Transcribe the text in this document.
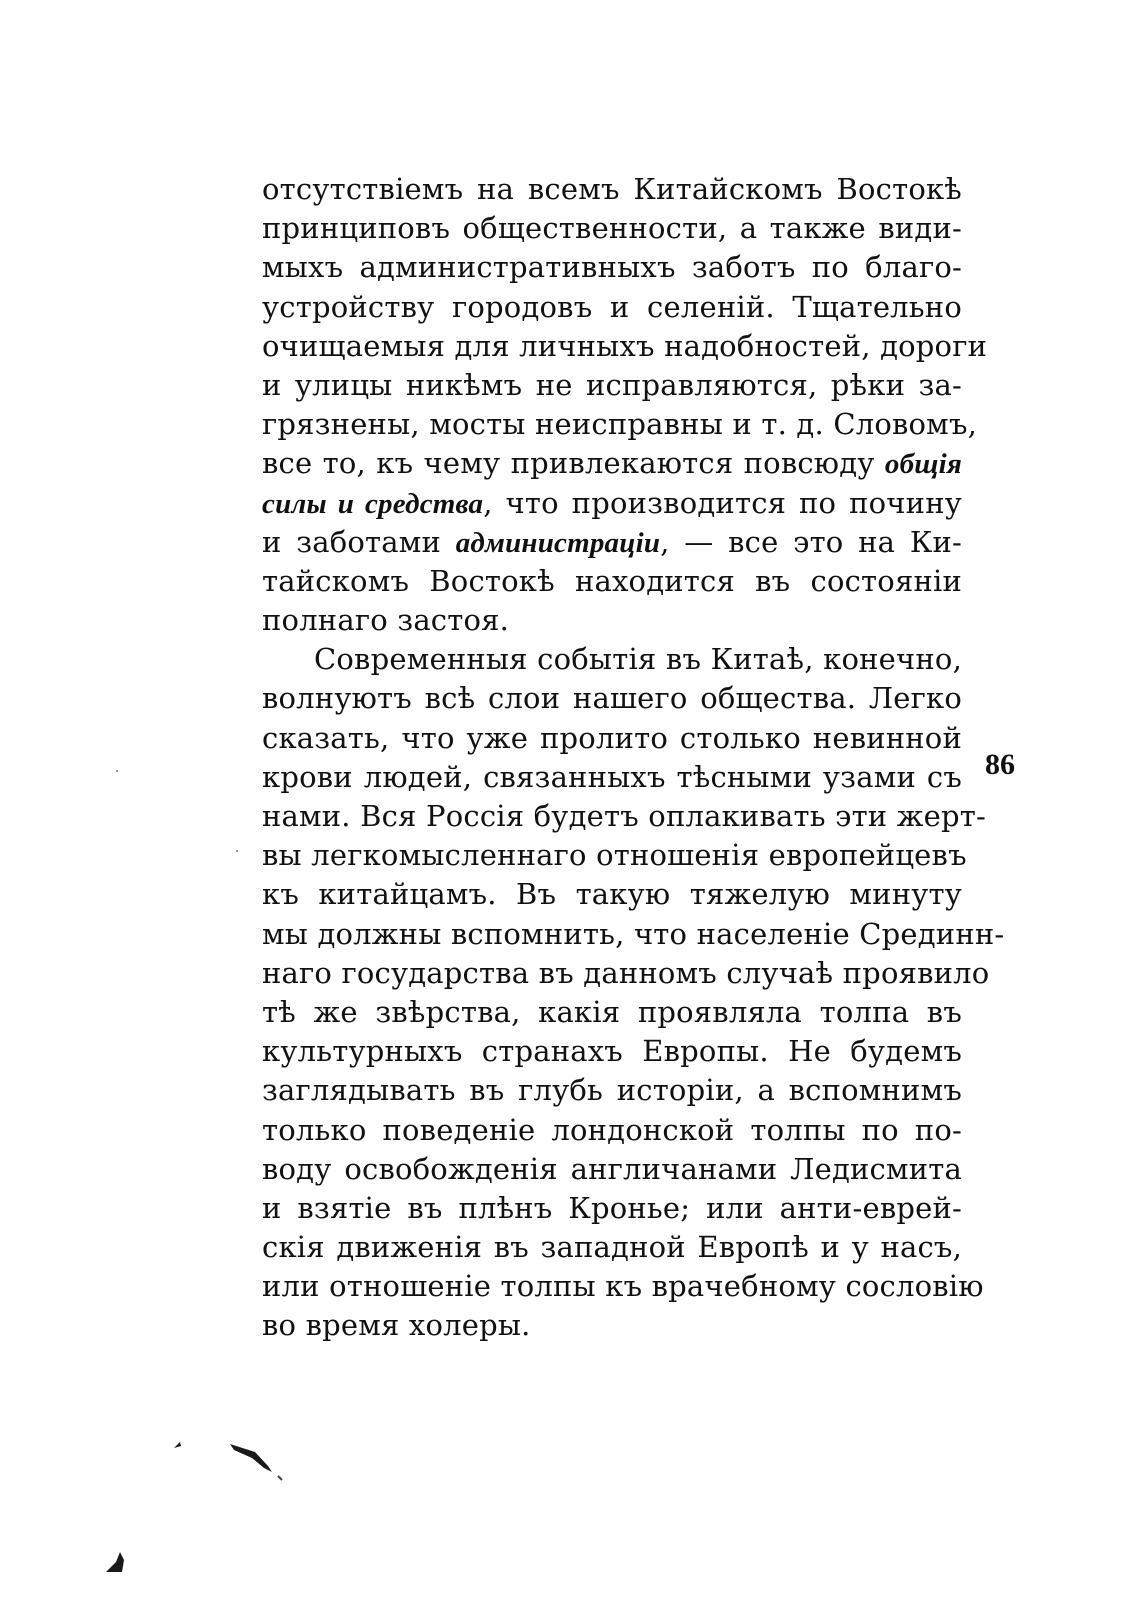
отсутствіемъ на всемъ Китайскомъ Востокѣ
принциповъ общественности, а также види-
мыхъ административныхъ заботъ по благо-
устройству городовъ и селеній. Тщательно
очищаемыя для личныхъ надобностей, дороги
и улицы никѣмъ не исправляются, рѣки за-
грязнены, мосты неисправны и т. д. Словомъ,
все то, къ чему привлекаются повсюду общія
силы и средства, что производится по почину
и заботами администраціи, — все это на Ки-
тайскомъ Востокѣ находится въ состояніи
полнаго застоя.
Современныя событія въ Китаѣ, конечно,
волнуютъ всѣ слои нашего общества. Легко
сказать, что уже пролито столько невинной
крови людей, связанныхъ тѣсными узами съ
нами. Вся Россія будетъ оплакивать эти жерт-
вы легкомысленнаго отношенія европейцевъ
къ китайцамъ. Въ такую тяжелую минуту
мы должны вспомнить, что населеніе Срединн-
наго государства въ данномъ случаѣ проявило
тѣ же звѣрства, какія проявляла толпа въ
культурныхъ странахъ Европы. Не будемъ
заглядывать въ глубь исторіи, а вспомнимъ
только поведеніе лондонской толпы по по-
воду освобожденія англичанами Ледисмита
и взятіе въ плѣнъ Кронье; или анти-еврей-
скія движенія въ западной Европѣ и у насъ,
или отношеніе толпы къ врачебному сословію
во время холеры.
86
